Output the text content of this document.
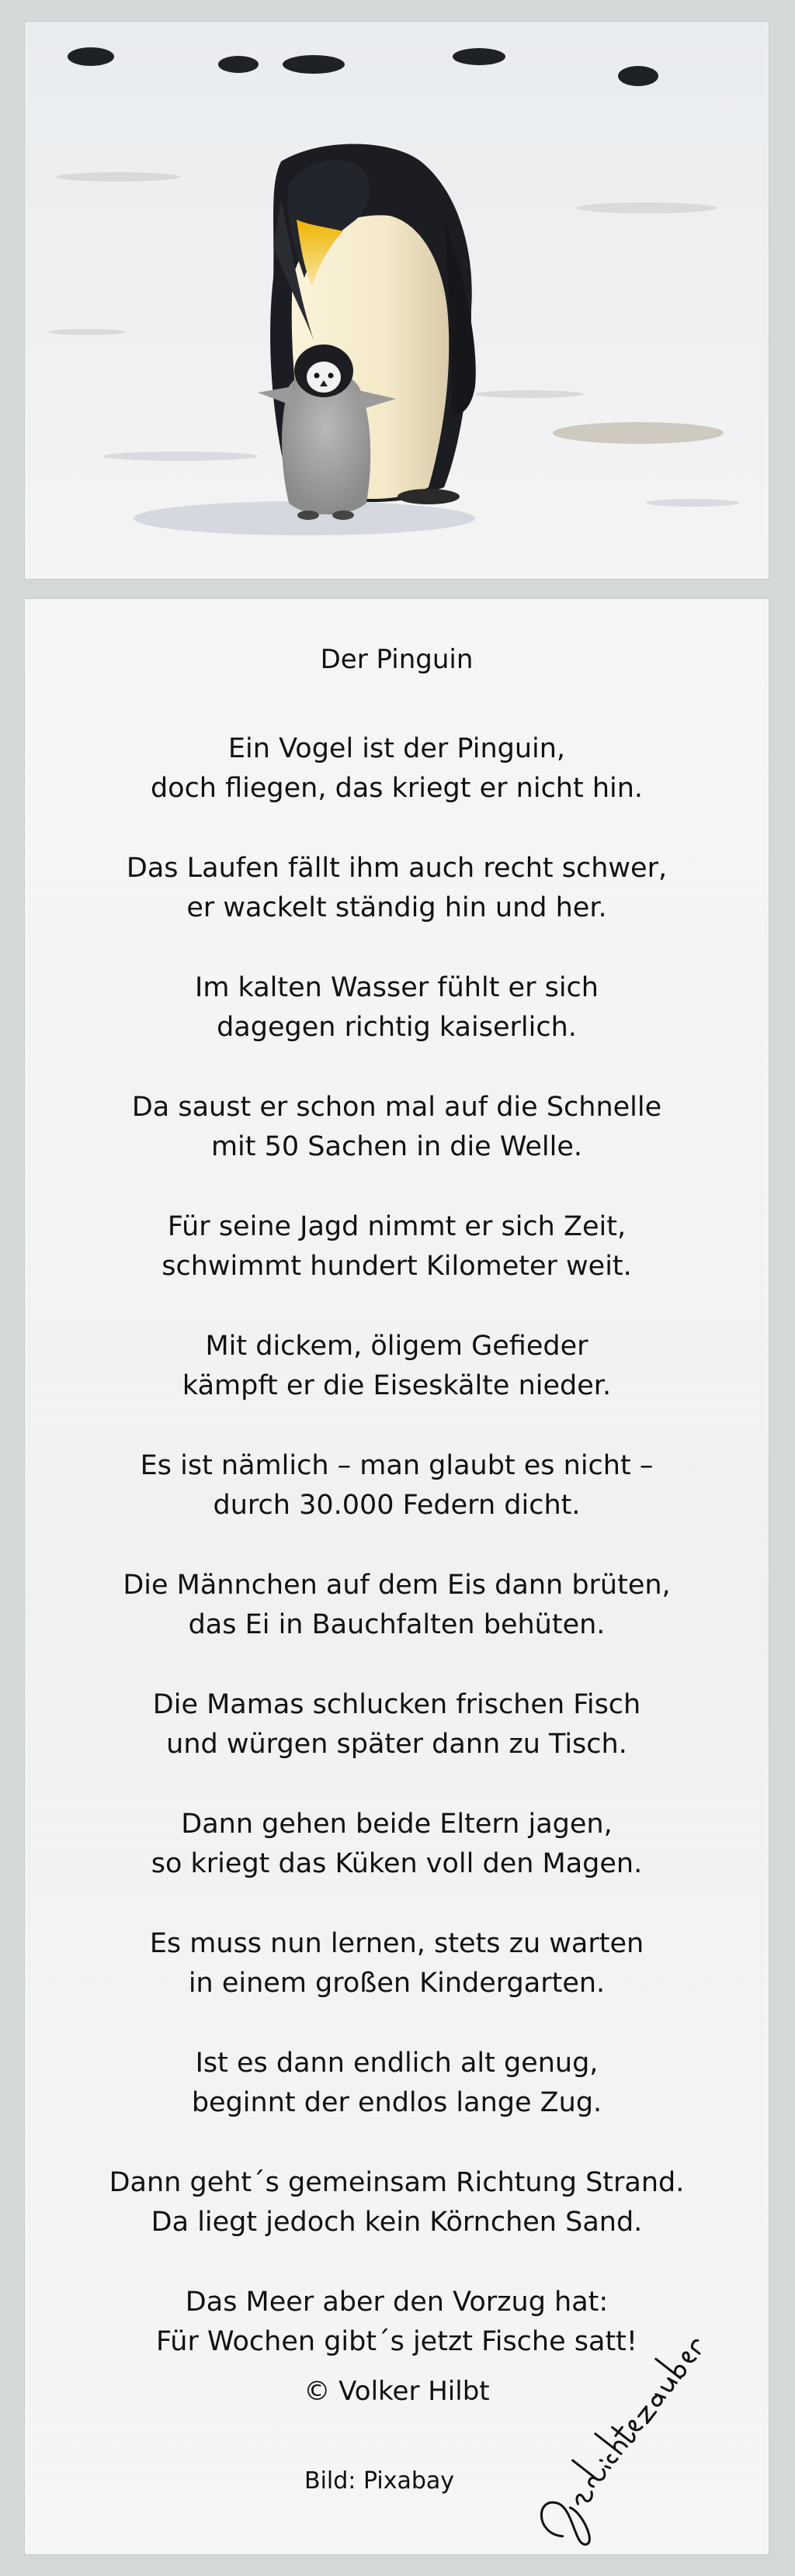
Der Pinguin
Ein Vogel ist der Pinguin,
doch fliegen, das kriegt er nicht hin.
Das Laufen fällt ihm auch recht schwer,
er wackelt ständig hin und her.
Im kalten Wasser fühlt er sich
dagegen richtig kaiserlich.
Da saust er schon mal auf die Schnelle
mit 50 Sachen in die Welle.
Für seine Jagd nimmt er sich Zeit,
schwimmt hundert Kilometer weit.
Mit dickem, öligem Gefieder
kämpft er die Eiseskälte nieder.
Es ist nämlich – man glaubt es nicht –
durch 30.000 Federn dicht.
Die Männchen auf dem Eis dann brüten,
das Ei in Bauchfalten behüten.
Die Mamas schlucken frischen Fisch
und würgen später dann zu Tisch.
Dann gehen beide Eltern jagen,
so kriegt das Küken voll den Magen.
Es muss nun lernen, stets zu warten
in einem großen Kindergarten.
Ist es dann endlich alt genug,
beginnt der endlos lange Zug.
Dann geht´s gemeinsam Richtung Strand.
Da liegt jedoch kein Körnchen Sand.
Das Meer aber den Vorzug hat:
Für Wochen gibt´s jetzt Fische satt!
© Volker Hilbt
Bild: Pixabay
